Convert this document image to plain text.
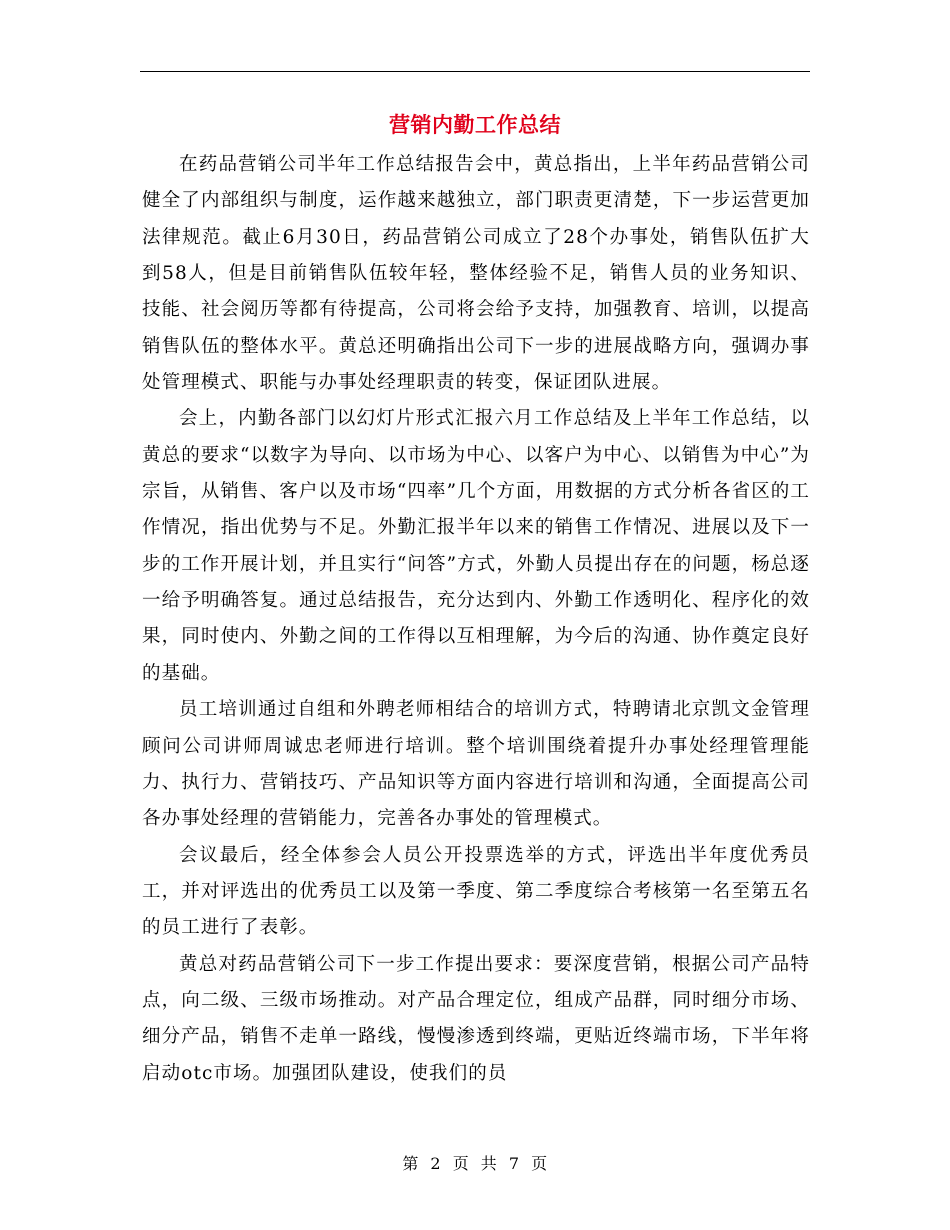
营销内勤工作总结

在药品营销公司半年工作总结报告会中，黄总指出，上半年药品营销公司健全了内部组织与制度，运作越来越独立，部门职责更清楚，下一步运营更加法律规范。截止6月30日，药品营销公司成立了28个办事处，销售队伍扩大到58人，但是目前销售队伍较年轻，整体经验不足，销售人员的业务知识、技能、社会阅历等都有待提高，公司将会给予支持，加强教育、培训，以提高销售队伍的整体水平。黄总还明确指出公司下一步的进展战略方向，强调办事处管理模式、职能与办事处经理职责的转变，保证团队进展。

会上，内勤各部门以幻灯片形式汇报六月工作总结及上半年工作总结，以黄总的要求“以数字为导向、以市场为中心、以客户为中心、以销售为中心”为宗旨，从销售、客户以及市场“四率”几个方面，用数据的方式分析各省区的工作情况，指出优势与不足。外勤汇报半年以来的销售工作情况、进展以及下一步的工作开展计划，并且实行“问答”方式，外勤人员提出存在的问题，杨总逐一给予明确答复。通过总结报告，充分达到内、外勤工作透明化、程序化的效果，同时使内、外勤之间的工作得以互相理解，为今后的沟通、协作奠定良好的基础。

员工培训通过自组和外聘老师相结合的培训方式，特聘请北京凯文金管理顾问公司讲师周诚忠老师进行培训。整个培训围绕着提升办事处经理管理能力、执行力、营销技巧、产品知识等方面内容进行培训和沟通，全面提高公司各办事处经理的营销能力，完善各办事处的管理模式。

会议最后，经全体参会人员公开投票选举的方式，评选出半年度优秀员工，并对评选出的优秀员工以及第一季度、第二季度综合考核第一名至第五名的员工进行了表彰。

黄总对药品营销公司下一步工作提出要求：要深度营销，根据公司产品特点，向二级、三级市场推动。对产品合理定位，组成产品群，同时细分市场、细分产品，销售不走单一路线，慢慢渗透到终端，更贴近终端市场，下半年将启动otc市场。加强团队建设，使我们的员

第 2 页 共 7 页
